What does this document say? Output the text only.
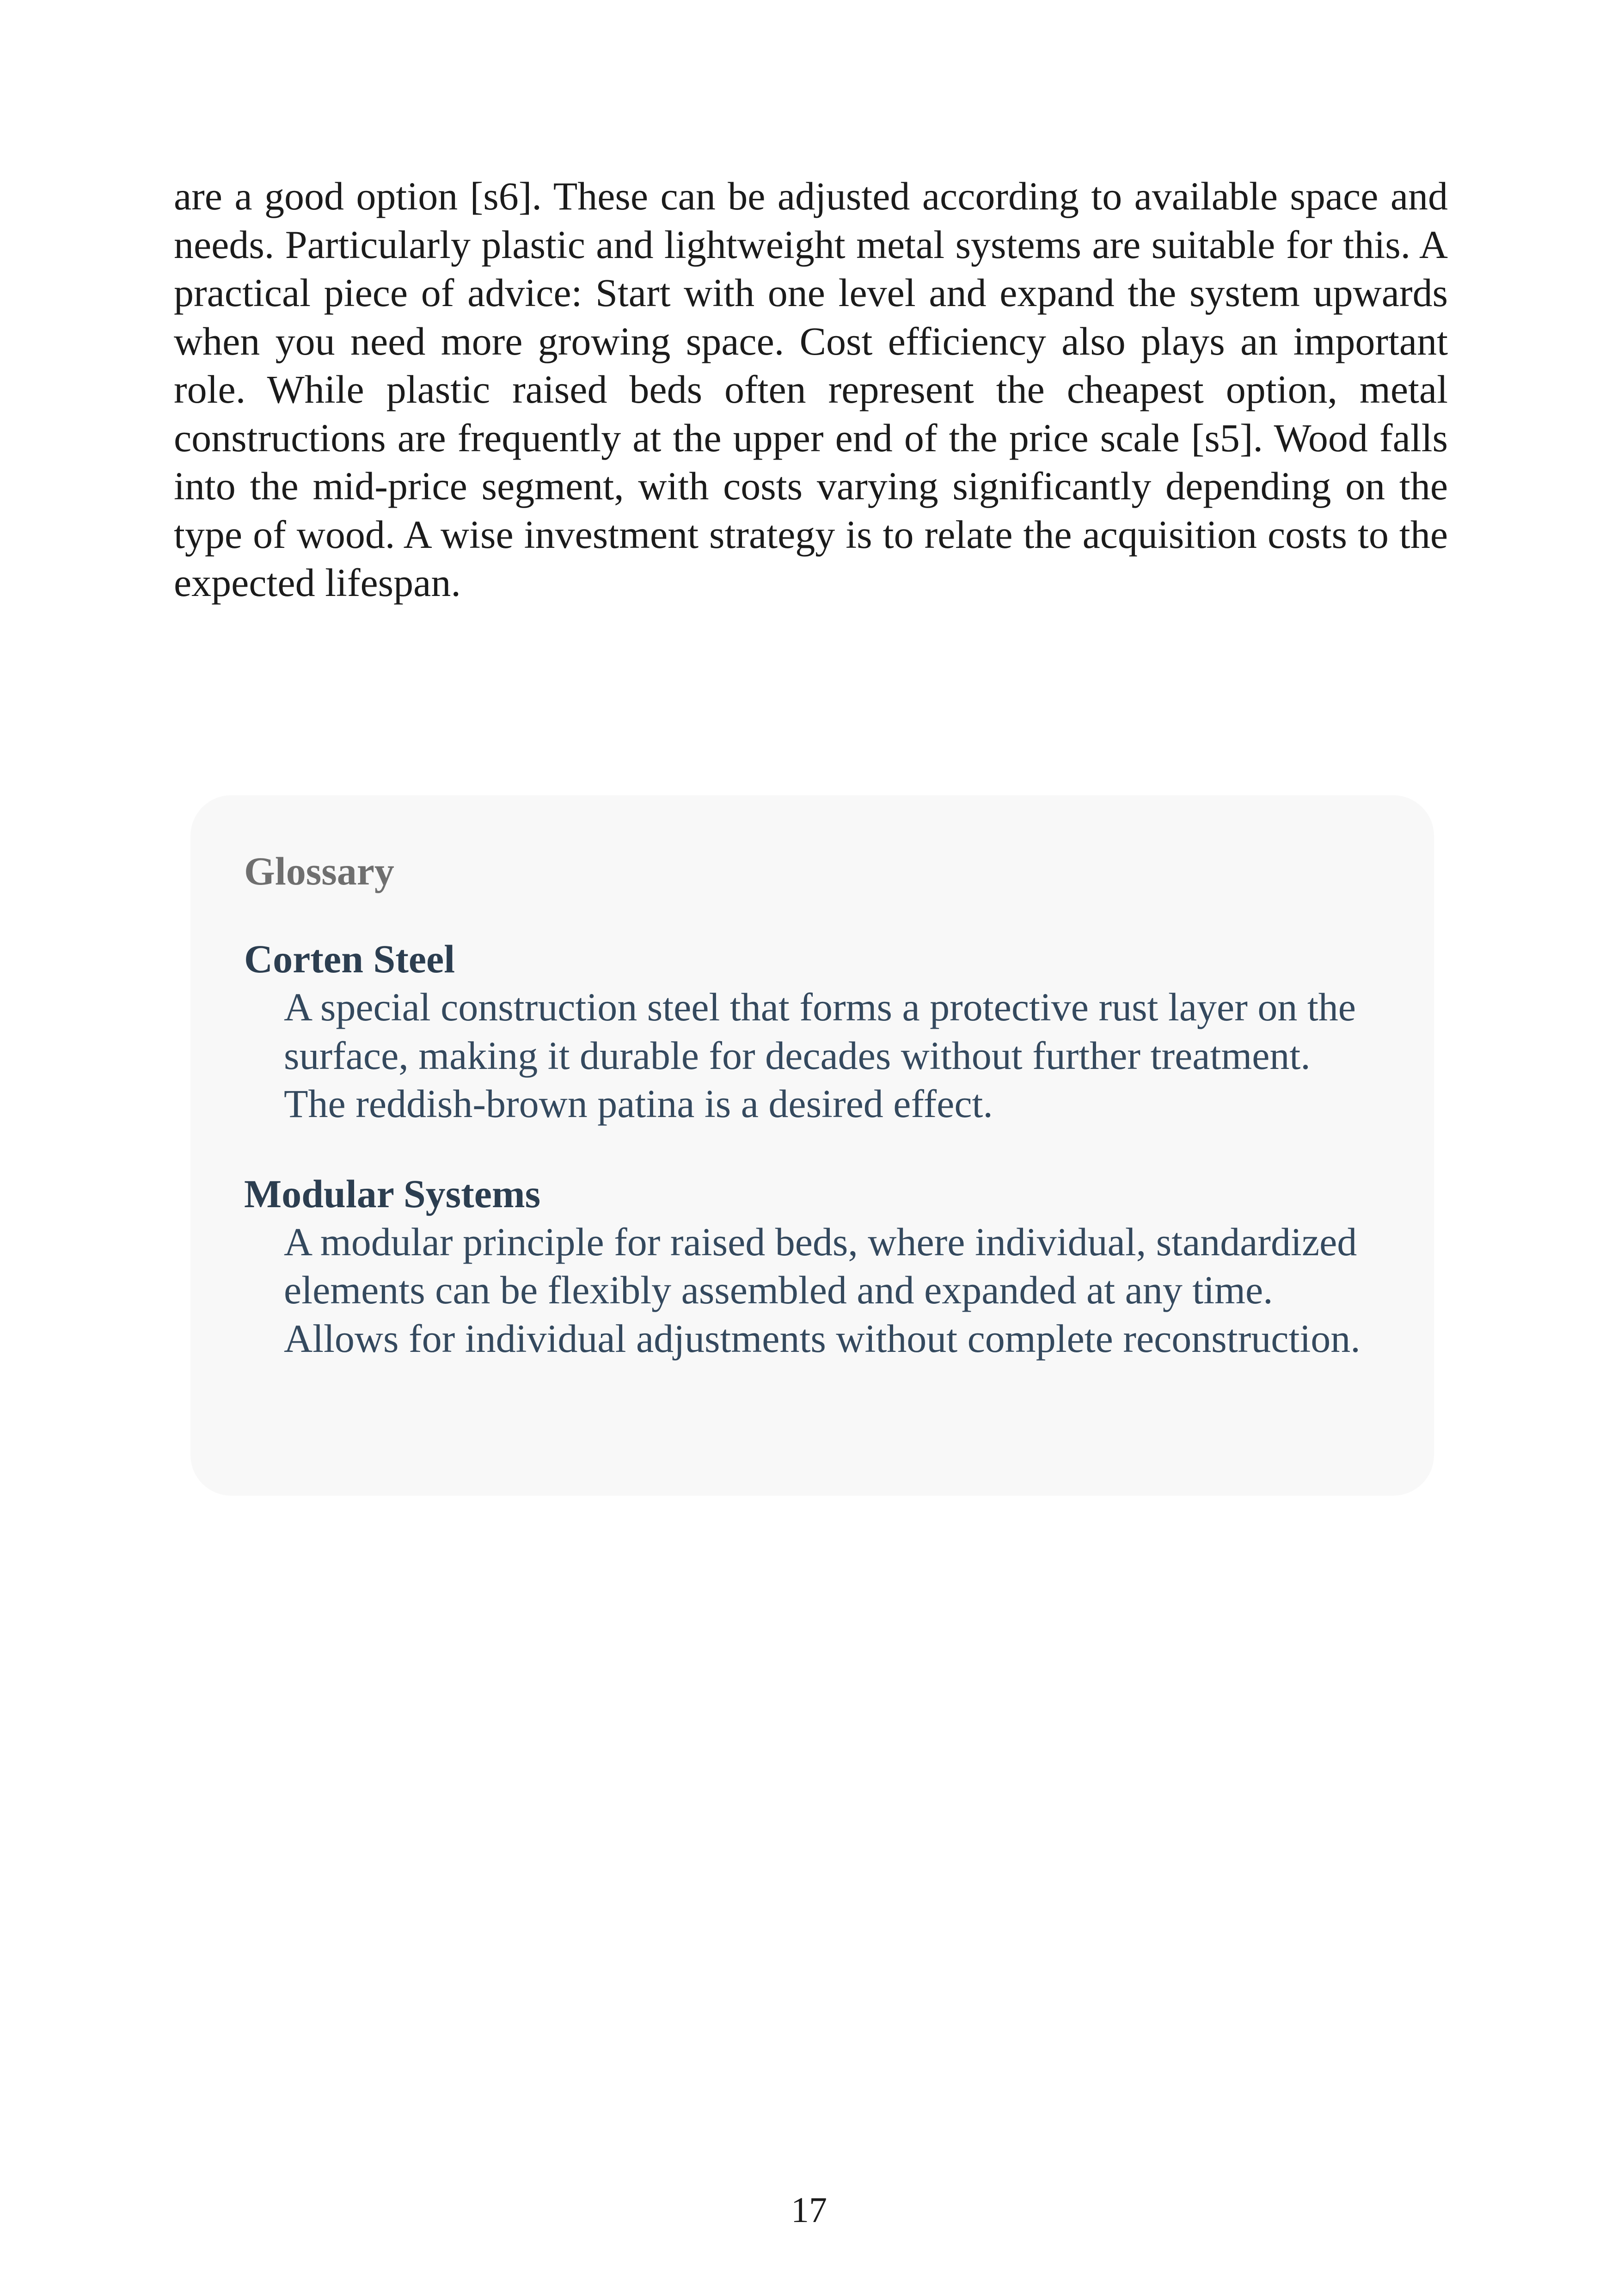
are a good option [s6]. These can be adjusted according to available space and needs. Particularly plastic and lightweight metal systems are suitable for this. A practical piece of advice: Start with one level and expand the system upwards when you need more growing space. Cost efficiency also plays an important role. While plastic raised beds often represent the cheapest option, metal constructions are frequently at the upper end of the price scale [s5]. Wood falls into the mid-price segment, with costs varying significantly depending on the type of wood. A wise investment strategy is to relate the acquisition costs to the expected lifespan.

Glossary

Corten Steel

A special construction steel that forms a protective rust layer on the surface, making it durable for decades without further treatment. The reddish-brown patina is a desired effect.

Modular Systems

A modular principle for raised beds, where individual, standardized elements can be flexibly assembled and expanded at any time. Allows for individual adjustments without complete reconstruction.

17
